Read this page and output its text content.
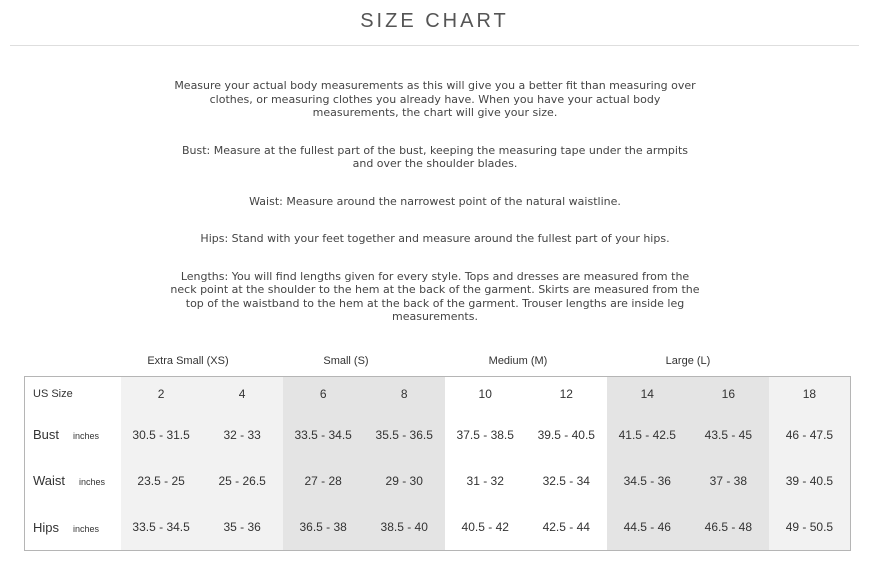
SIZE CHART

Measure your actual body measurements as this will give you a better fit than measuring over clothes, or measuring clothes you already have. When you have your actual body measurements, the chart will give your size.

Bust: Measure at the fullest part of the bust, keeping the measuring tape under the armpits and over the shoulder blades.

Waist: Measure around the narrowest point of the natural waistline.

Hips: Stand with your feet together and measure around the fullest part of your hips.

Lengths: You will find lengths given for every style. Tops and dresses are measured from the neck point at the shoulder to the hem at the back of the garment. Skirts are measured from the top of the waistband to the hem at the back of the garment. Trouser lengths are inside leg measurements.

Extra Small (XS)	Small (S)	Medium (M)	Large (L)
US Size	2	4	6	8	10	12	14	16	18
Bust inches	30.5 - 31.5	32 - 33	33.5 - 34.5	35.5 - 36.5	37.5 - 38.5	39.5 - 40.5	41.5 - 42.5	43.5 - 45	46 - 47.5
Waist inches	23.5 - 25	25 - 26.5	27 - 28	29 - 30	31 - 32	32.5 - 34	34.5 - 36	37 - 38	39 - 40.5
Hips inches	33.5 - 34.5	35 - 36	36.5 - 38	38.5 - 40	40.5 - 42	42.5 - 44	44.5 - 46	46.5 - 48	49 - 50.5
